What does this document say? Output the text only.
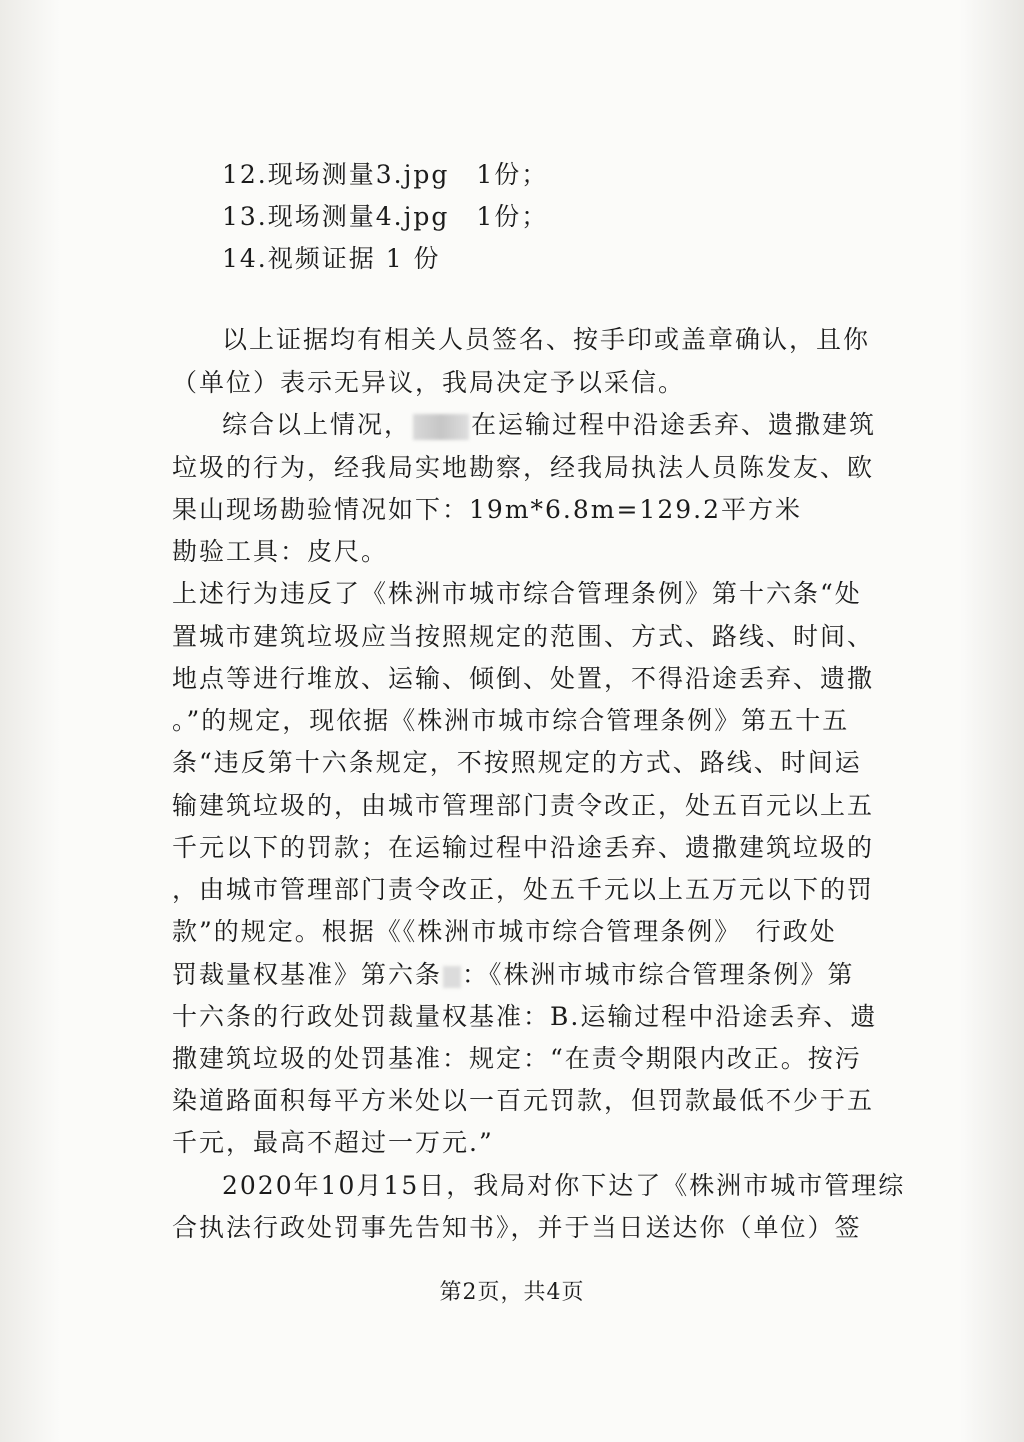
12.现场测量3.jpg　1份；
13.现场测量4.jpg　1份；
14.视频证据 1 份
以上证据均有相关人员签名、按手印或盖章确认，且你
（单位）表示无异议，我局决定予以采信。
综合以上情况， 在运输过程中沿途丢弃、遗撒建筑
垃圾的行为，经我局实地勘察，经我局执法人员陈发友、欧
果山现场勘验情况如下：19m*6.8m=129.2平方米
勘验工具：皮尺。
上述行为违反了《株洲市城市综合管理条例》第十六条“处
置城市建筑垃圾应当按照规定的范围、方式、路线、时间、
地点等进行堆放、运输、倾倒、处置，不得沿途丢弃、遗撒
。”的规定，现依据《株洲市城市综合管理条例》第五十五
条“违反第十六条规定，不按照规定的方式、路线、时间运
输建筑垃圾的，由城市管理部门责令改正，处五百元以上五
千元以下的罚款；在运输过程中沿途丢弃、遗撒建筑垃圾的
，由城市管理部门责令改正，处五千元以上五万元以下的罚
款”的规定。根据《《株洲市城市综合管理条例》　行政处
罚裁量权基准》第六条 ：《株洲市城市综合管理条例》第
十六条的行政处罚裁量权基准：B.运输过程中沿途丢弃、遗
撒建筑垃圾的处罚基准：规定：“在责令期限内改正。按污
染道路面积每平方米处以一百元罚款，但罚款最低不少于五
千元，最高不超过一万元.”
2020年10月15日，我局对你下达了《株洲市城市管理综
合执法行政处罚事先告知书》，并于当日送达你（单位）签
第2页，共4页
